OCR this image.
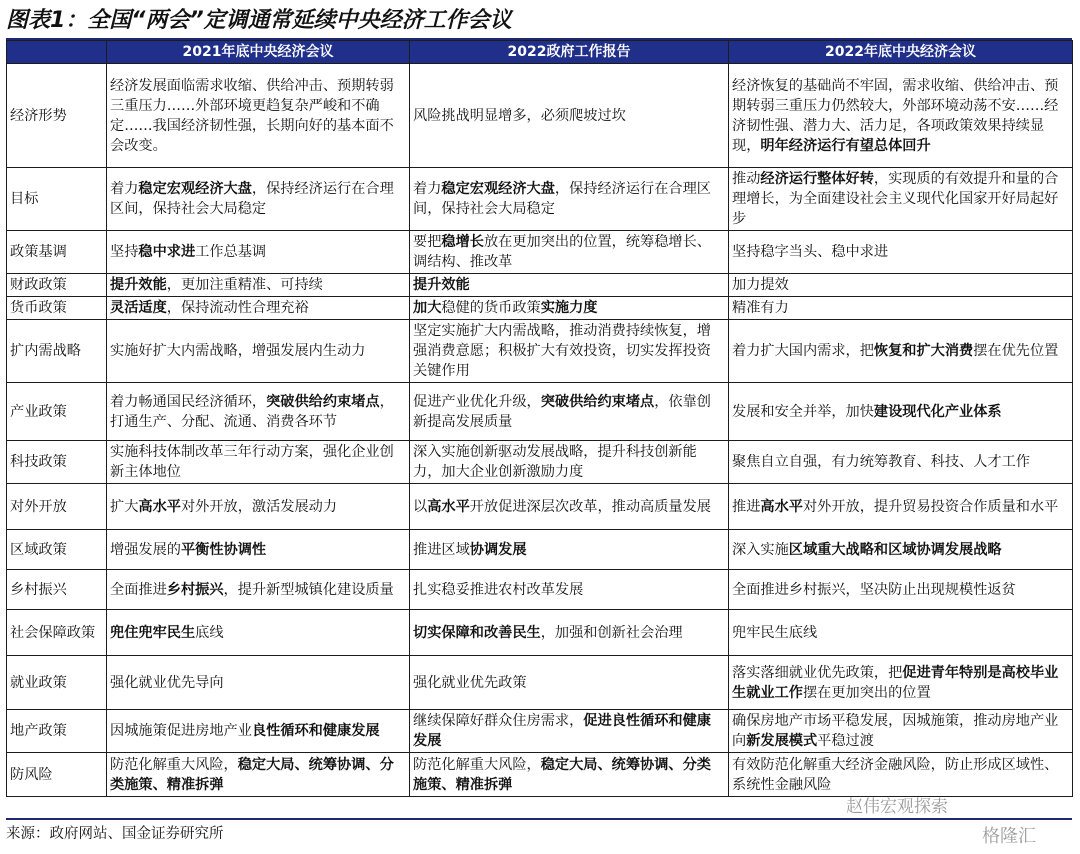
图表1：全国“两会”定调通常延续中央经济工作会议
	2021年底中央经济会议	2022政府工作报告	2022年底中央经济会议
经济形势	经济发展面临需求收缩、供给冲击、预期转弱三重压力……外部环境更趋复杂严峻和不确定……我国经济韧性强，长期向好的基本面不会改变。	风险挑战明显增多，必须爬坡过坎	经济恢复的基础尚不牢固，需求收缩、供给冲击、预期转弱三重压力仍然较大，外部环境动荡不安……经济韧性强、潜力大、活力足，各项政策效果持续显现，明年经济运行有望总体回升
目标	着力稳定宏观经济大盘，保持经济运行在合理区间，保持社会大局稳定	着力稳定宏观经济大盘，保持经济运行在合理区间，保持社会大局稳定	推动经济运行整体好转，实现质的有效提升和量的合理增长，为全面建设社会主义现代化国家开好局起好步
政策基调	坚持稳中求进工作总基调	要把稳增长放在更加突出的位置，统筹稳增长、调结构、推改革	坚持稳字当头、稳中求进
财政政策	提升效能，更加注重精准、可持续	提升效能	加力提效
货币政策	灵活适度，保持流动性合理充裕	加大稳健的货币政策实施力度	精准有力
扩内需战略	实施好扩大内需战略，增强发展内生动力	坚定实施扩大内需战略，推动消费持续恢复，增强消费意愿；积极扩大有效投资，切实发挥投资关键作用	着力扩大国内需求，把恢复和扩大消费摆在优先位置
产业政策	着力畅通国民经济循环，突破供给约束堵点，打通生产、分配、流通、消费各环节	促进产业优化升级，突破供给约束堵点，依靠创新提高发展质量	发展和安全并举，加快建设现代化产业体系
科技政策	实施科技体制改革三年行动方案，强化企业创新主体地位	深入实施创新驱动发展战略，提升科技创新能力，加大企业创新激励力度	聚焦自立自强，有力统筹教育、科技、人才工作
对外开放	扩大高水平对外开放，激活发展动力	以高水平开放促进深层次改革，推动高质量发展	推进高水平对外开放，提升贸易投资合作质量和水平
区域政策	增强发展的平衡性协调性	推进区域协调发展	深入实施区域重大战略和区域协调发展战略
乡村振兴	全面推进乡村振兴，提升新型城镇化建设质量	扎实稳妥推进农村改革发展	全面推进乡村振兴，坚决防止出现规模性返贫
社会保障政策	兜住兜牢民生底线	切实保障和改善民生，加强和创新社会治理	兜牢民生底线
就业政策	强化就业优先导向	强化就业优先政策	落实落细就业优先政策，把促进青年特别是高校毕业生就业工作摆在更加突出的位置
地产政策	因城施策促进房地产业良性循环和健康发展	继续保障好群众住房需求，促进良性循环和健康发展	确保房地产市场平稳发展，因城施策，推动房地产业向新发展模式平稳过渡
防风险	防范化解重大风险，稳定大局、统筹协调、分类施策、精准拆弹	防范化解重大风险，稳定大局、统筹协调、分类施策、精准拆弹	有效防范化解重大经济金融风险，防止形成区域性、系统性金融风险
来源：政府网站、国金证券研究所
赵伟宏观探索
格隆汇
